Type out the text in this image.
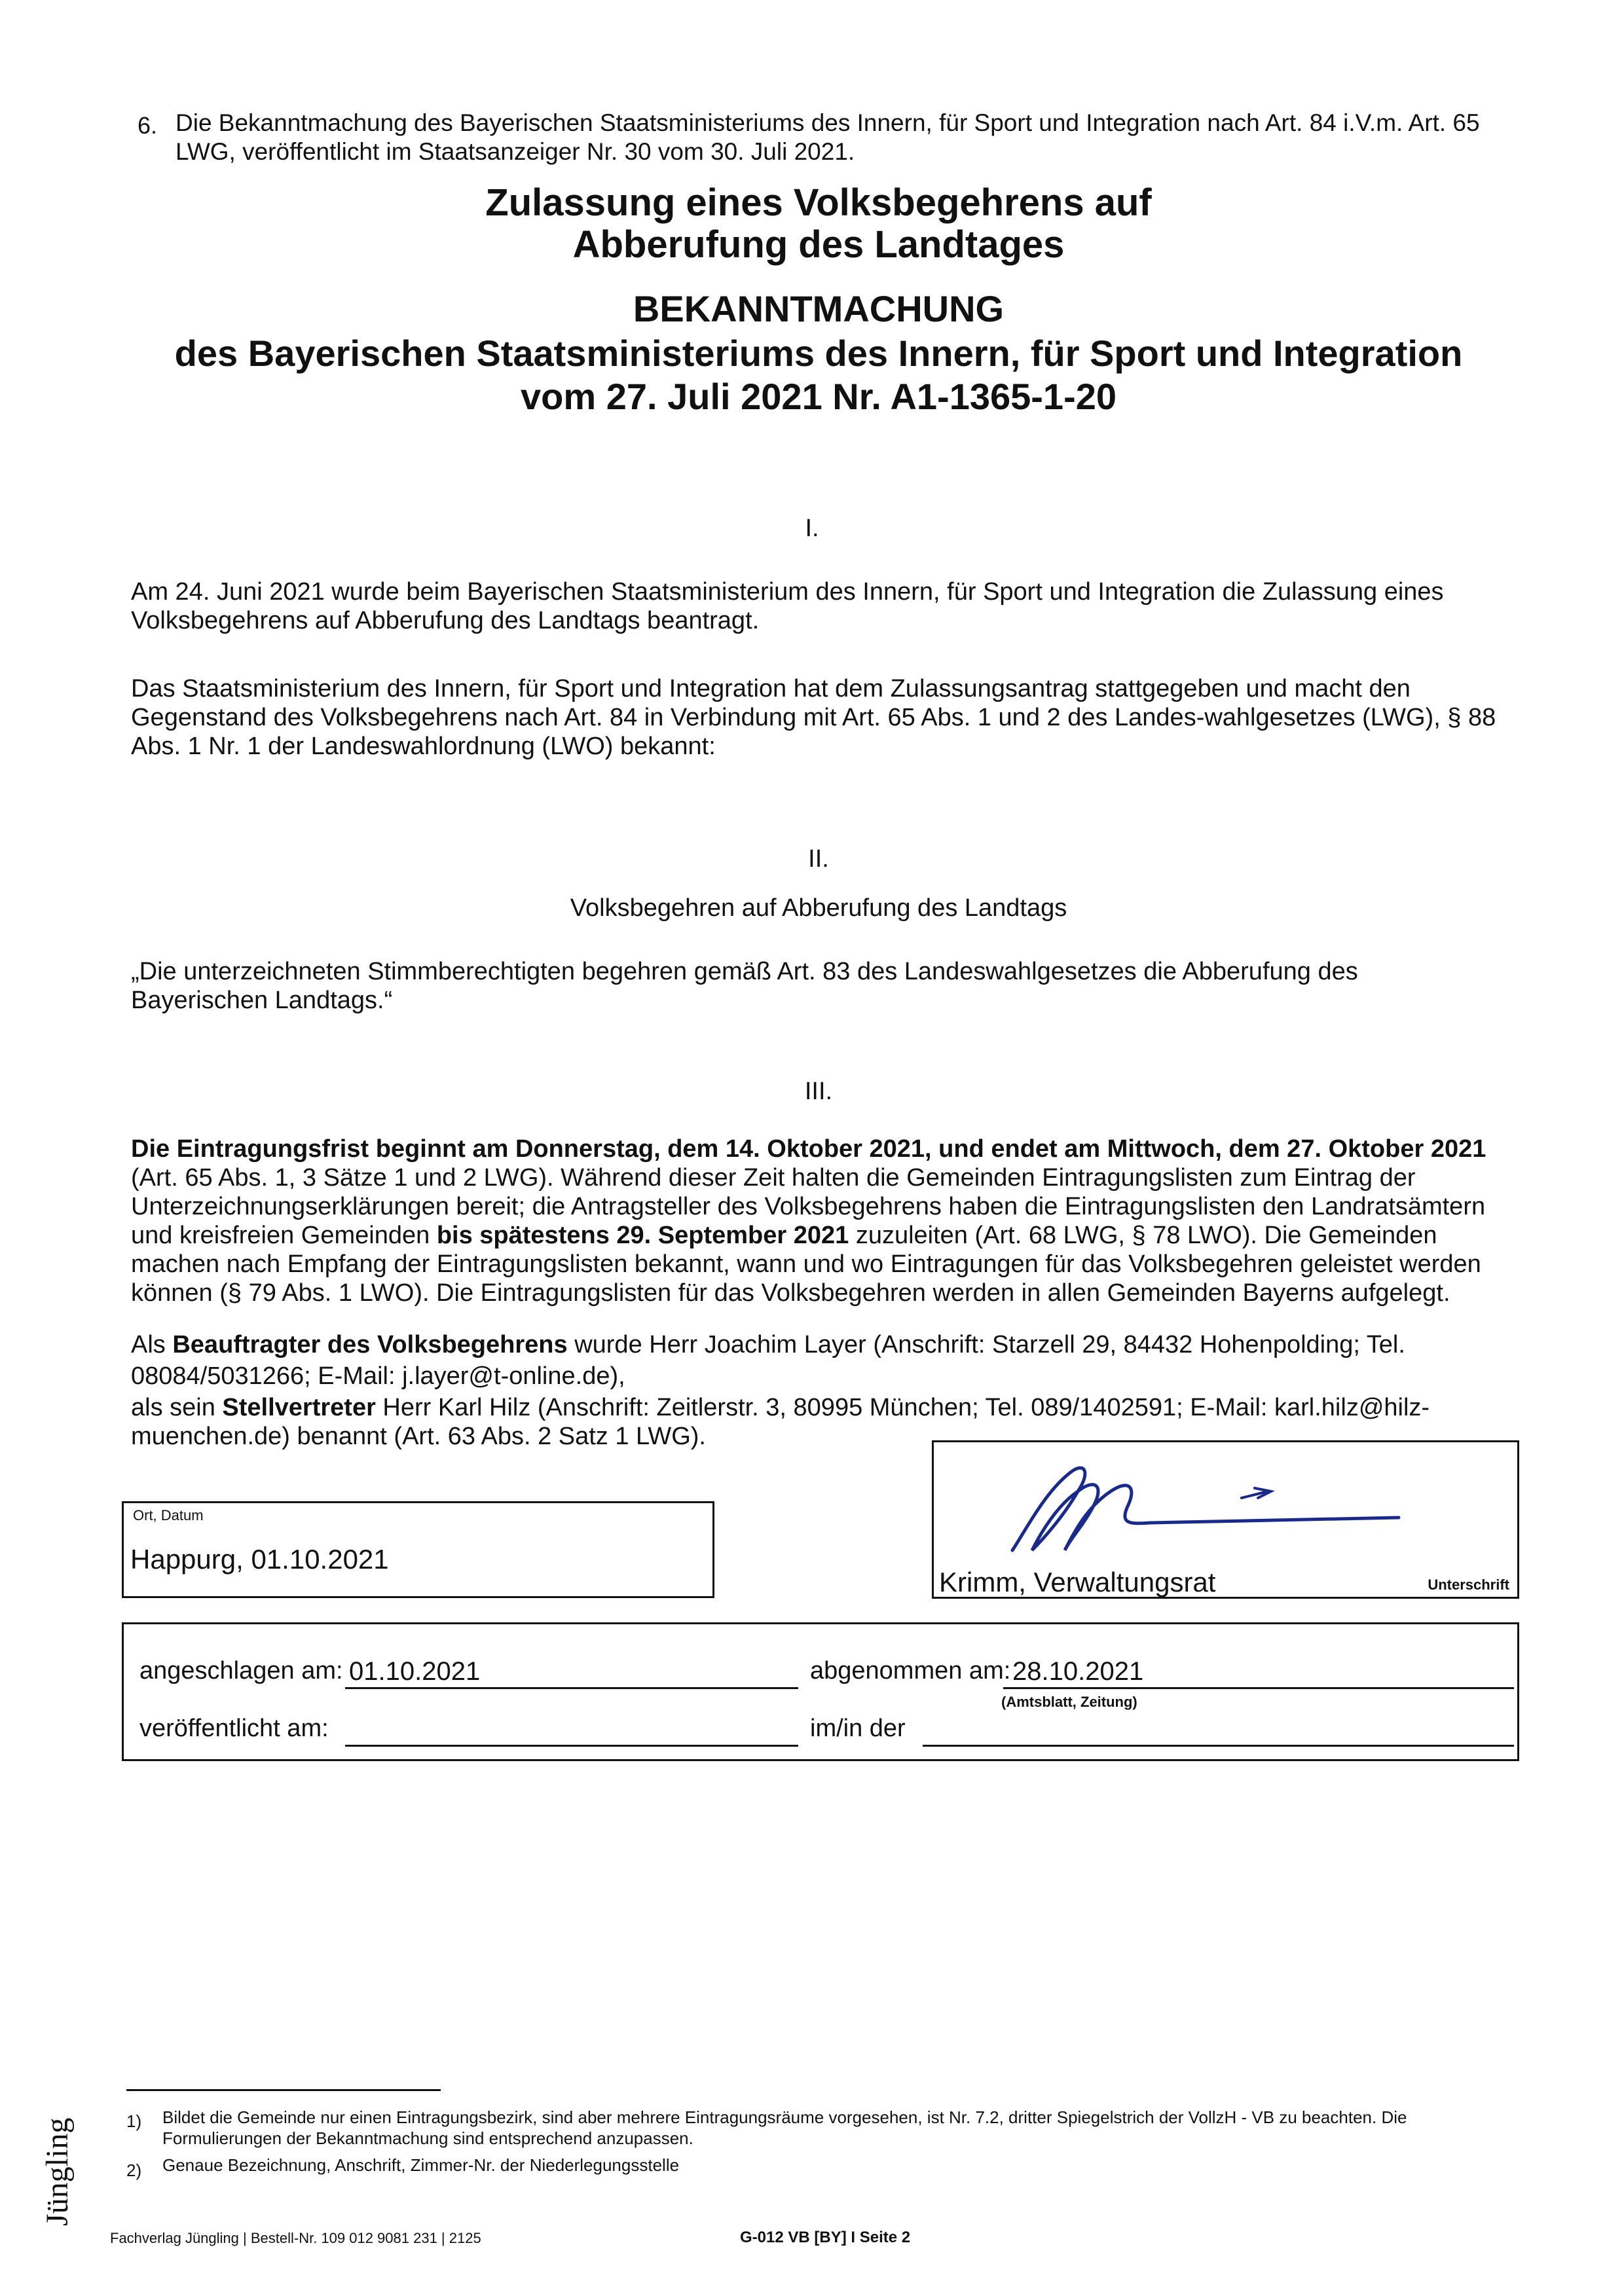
6. Die Bekanntmachung des Bayerischen Staatsministeriums des Innern, für Sport und Integration nach Art. 84 i.V.m. Art. 65 LWG, veröffentlicht im Staatsanzeiger Nr. 30 vom 30. Juli 2021.
Zulassung eines Volksbegehrens auf
Abberufung des Landtages
BEKANNTMACHUNG
des Bayerischen Staatsministeriums des Innern, für Sport und Integration
vom 27. Juli 2021 Nr. A1-1365-1-20
I.
Am 24. Juni 2021 wurde beim Bayerischen Staatsministerium des Innern, für Sport und Integration die Zulassung eines Volksbegehrens auf Abberufung des Landtags beantragt.
Das Staatsministerium des Innern, für Sport und Integration hat dem Zulassungsantrag stattgegeben und macht den Gegenstand des Volksbegehrens nach Art. 84 in Verbindung mit Art. 65 Abs. 1 und 2 des Landes-wahlgesetzes (LWG), § 88 Abs. 1 Nr. 1 der Landeswahlordnung (LWO) bekannt:
II.
Volksbegehren auf Abberufung des Landtags
„Die unterzeichneten Stimmberechtigten begehren gemäß Art. 83 des Landeswahlgesetzes die Abberufung des Bayerischen Landtags.“
III.
Die Eintragungsfrist beginnt am Donnerstag, dem 14. Oktober 2021, und endet am Mittwoch, dem 27. Oktober 2021 (Art. 65 Abs. 1, 3 Sätze 1 und 2 LWG). Während dieser Zeit halten die Gemeinden Eintragungslisten zum Eintrag der Unterzeichnungserklärungen bereit; die Antragsteller des Volksbegehrens haben die Eintragungslisten den Landratsämtern und kreisfreien Gemeinden bis spätestens 29. September 2021 zuzuleiten (Art. 68 LWG, § 78 LWO). Die Gemeinden machen nach Empfang der Eintragungslisten bekannt, wann und wo Eintragungen für das Volksbegehren geleistet werden können (§ 79 Abs. 1 LWO). Die Eintragungslisten für das Volksbegehren werden in allen Gemeinden Bayerns aufgelegt.
Als Beauftragter des Volksbegehrens wurde Herr Joachim Layer (Anschrift: Starzell 29, 84432 Hohenpolding; Tel. 08084/5031266; E-Mail: j.layer@t-online.de),
als sein Stellvertreter Herr Karl Hilz (Anschrift: Zeitlerstr. 3, 80995 München; Tel. 089/1402591; E-Mail: karl.hilz@hilz-muenchen.de) benannt (Art. 63 Abs. 2 Satz 1 LWG).
Ort, Datum
Happurg, 01.10.2021
Krimm, Verwaltungsrat	Unterschrift
angeschlagen am: 01.10.2021	abgenommen am: 28.10.2021
(Amtsblatt, Zeitung)
veröffentlicht am:	im/in der
1) Bildet die Gemeinde nur einen Eintragungsbezirk, sind aber mehrere Eintragungsräume vorgesehen, ist Nr. 7.2, dritter Spiegelstrich der VollzH - VB zu beachten. Die Formulierungen der Bekanntmachung sind entsprechend anzupassen.
2) Genaue Bezeichnung, Anschrift, Zimmer-Nr. der Niederlegungsstelle
Jüngling
Fachverlag Jüngling | Bestell-Nr. 109 012 9081 231 | 2125	G-012 VB [BY] I Seite 2
